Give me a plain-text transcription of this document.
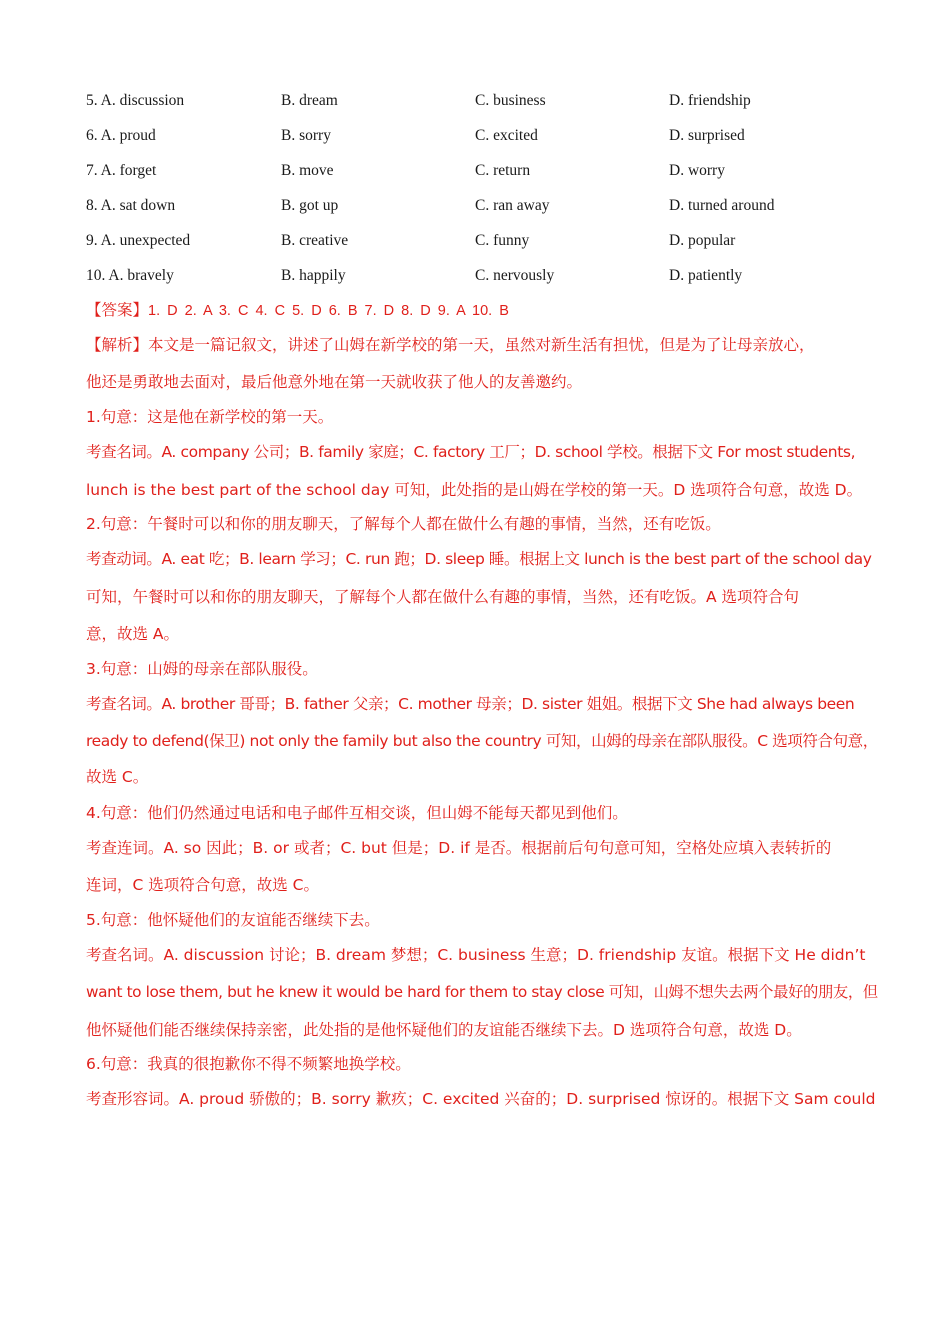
5. A. discussion	B. dream	C. business	D. friendship
6. A. proud	B. sorry	C. excited	D. surprised
7. A. forget	B. move	C. return	D. worry
8. A. sat down	B. got up	C. ran away	D. turned around
9. A. unexpected	B. creative	C. funny	D. popular
10. A. bravely	B. happily	C. nervously	D. patiently
【答案】1. D 2. A 3. C 4. C 5. D 6. B 7. D 8. D 9. A 10. B
【解析】本文是一篇记叙文，讲述了山姆在新学校的第一天，虽然对新生活有担忧，但是为了让母亲放心，
他还是勇敢地去面对，最后他意外地在第一天就收获了他人的友善邀约。
1.句意：这是他在新学校的第一天。
考查名词。A. company 公司；B. family 家庭；C. factory 工厂；D. school 学校。根据下文 For most students,
lunch is the best part of the school day 可知，此处指的是山姆在学校的第一天。D 选项符合句意，故选 D。
2.句意：午餐时可以和你的朋友聊天，了解每个人都在做什么有趣的事情，当然，还有吃饭。
考查动词。A. eat 吃；B. learn 学习；C. run 跑；D. sleep 睡。根据上文 lunch is the best part of the school day
可知，午餐时可以和你的朋友聊天，了解每个人都在做什么有趣的事情，当然，还有吃饭。A 选项符合句
意，故选 A。
3.句意：山姆的母亲在部队服役。
考查名词。A. brother 哥哥；B. father 父亲；C. mother 母亲；D. sister 姐姐。根据下文 She had always been
ready to defend(保卫) not only the family but also the country 可知，山姆的母亲在部队服役。C 选项符合句意，
故选 C。
4.句意：他们仍然通过电话和电子邮件互相交谈，但山姆不能每天都见到他们。
考查连词。A. so 因此；B. or 或者；C. but 但是；D. if 是否。根据前后句句意可知，空格处应填入表转折的
连词，C 选项符合句意，故选 C。
5.句意：他怀疑他们的友谊能否继续下去。
考查名词。A. discussion 讨论；B. dream 梦想；C. business 生意；D. friendship 友谊。根据下文 He didn’t
want to lose them, but he knew it would be hard for them to stay close 可知，山姆不想失去两个最好的朋友，但
他怀疑他们能否继续保持亲密，此处指的是他怀疑他们的友谊能否继续下去。D 选项符合句意，故选 D。
6.句意：我真的很抱歉你不得不频繁地换学校。
考查形容词。A. proud 骄傲的；B. sorry 歉疚；C. excited 兴奋的；D. surprised 惊讶的。根据下文 Sam could
